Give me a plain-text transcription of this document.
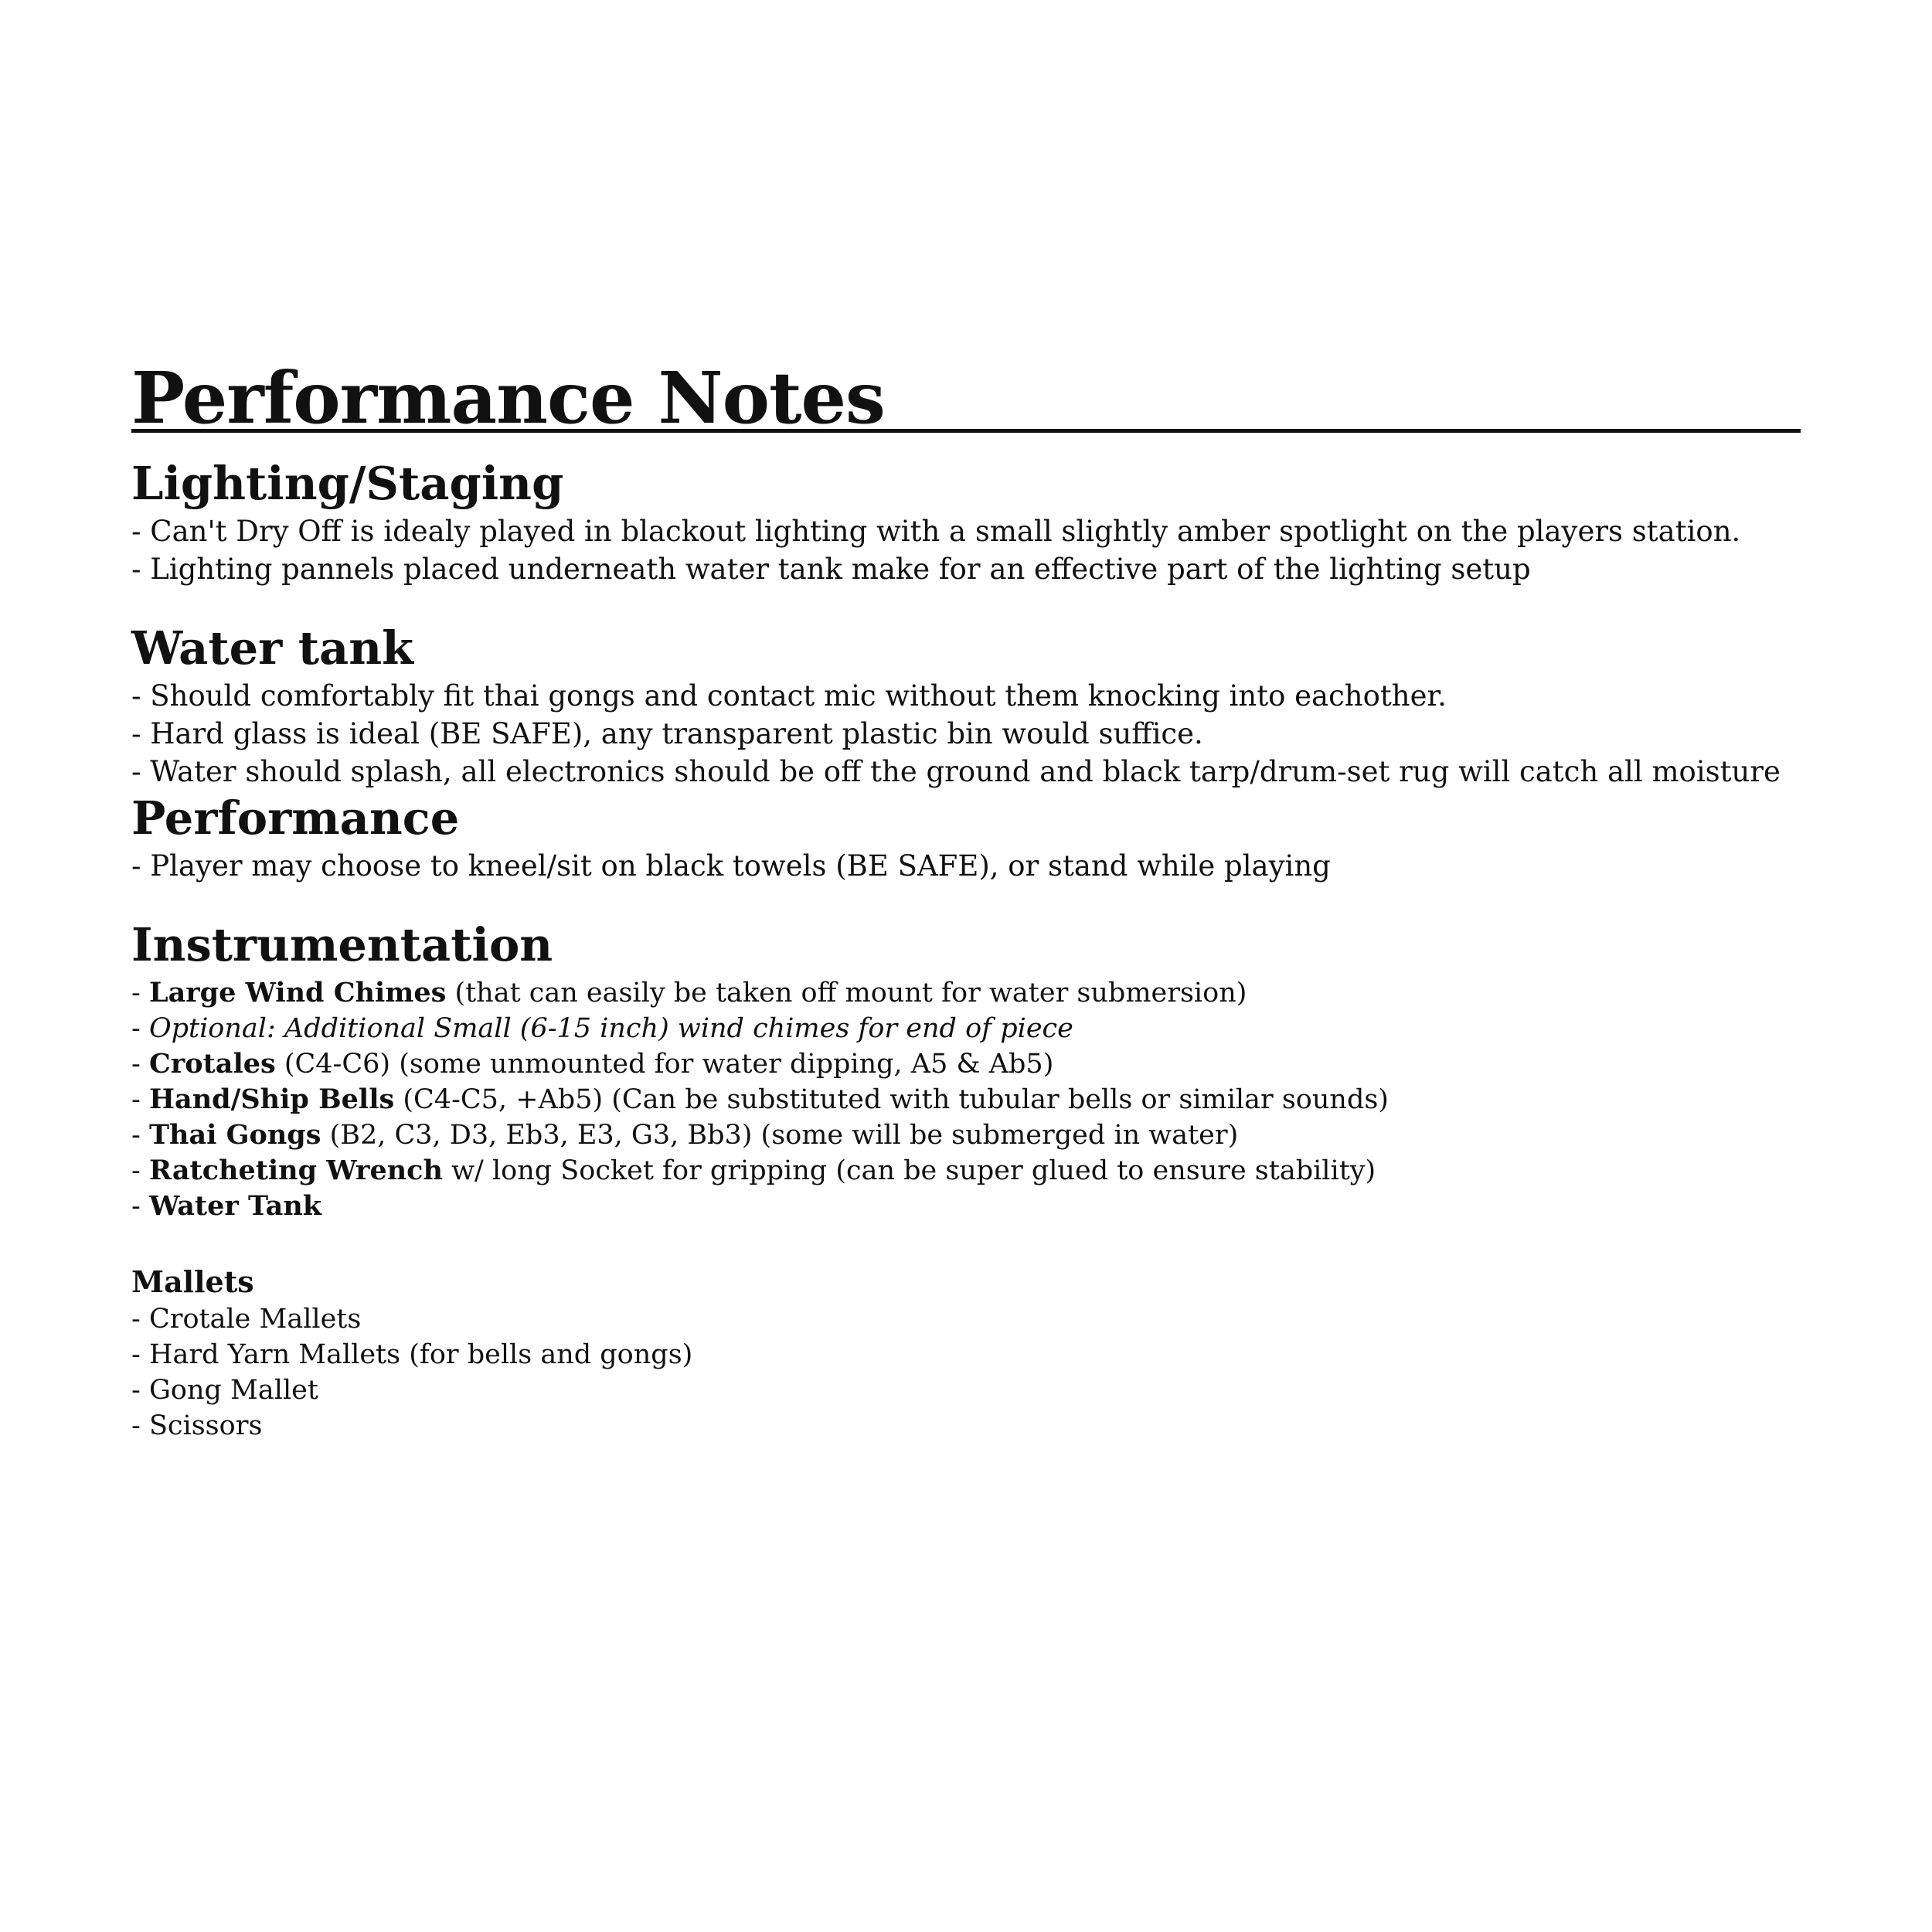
Performance Notes
Lighting/Staging
- Can't Dry Off is idealy played in blackout lighting with a small slightly amber spotlight on the players station.
- Lighting pannels placed underneath water tank make for an effective part of the lighting setup
Water tank
- Should comfortably fit thai gongs and contact mic without them knocking into eachother.
- Hard glass is ideal (BE SAFE), any transparent plastic bin would suffice.
- Water should splash, all electronics should be off the ground and black tarp/drum-set rug will catch all moisture
Performance
- Player may choose to kneel/sit on black towels (BE SAFE), or stand while playing
Instrumentation
- Large Wind Chimes (that can easily be taken off mount for water submersion)
- Optional: Additional Small (6-15 inch) wind chimes for end of piece
- Crotales (C4-C6) (some unmounted for water dipping, A5 & Ab5)
- Hand/Ship Bells (C4-C5, +Ab5) (Can be substituted with tubular bells or similar sounds)
- Thai Gongs (B2, C3, D3, Eb3, E3, G3, Bb3) (some will be submerged in water)
- Ratcheting Wrench w/ long Socket for gripping (can be super glued to ensure stability)
- Water Tank
Mallets
- Crotale Mallets
- Hard Yarn Mallets (for bells and gongs)
- Gong Mallet
- Scissors
